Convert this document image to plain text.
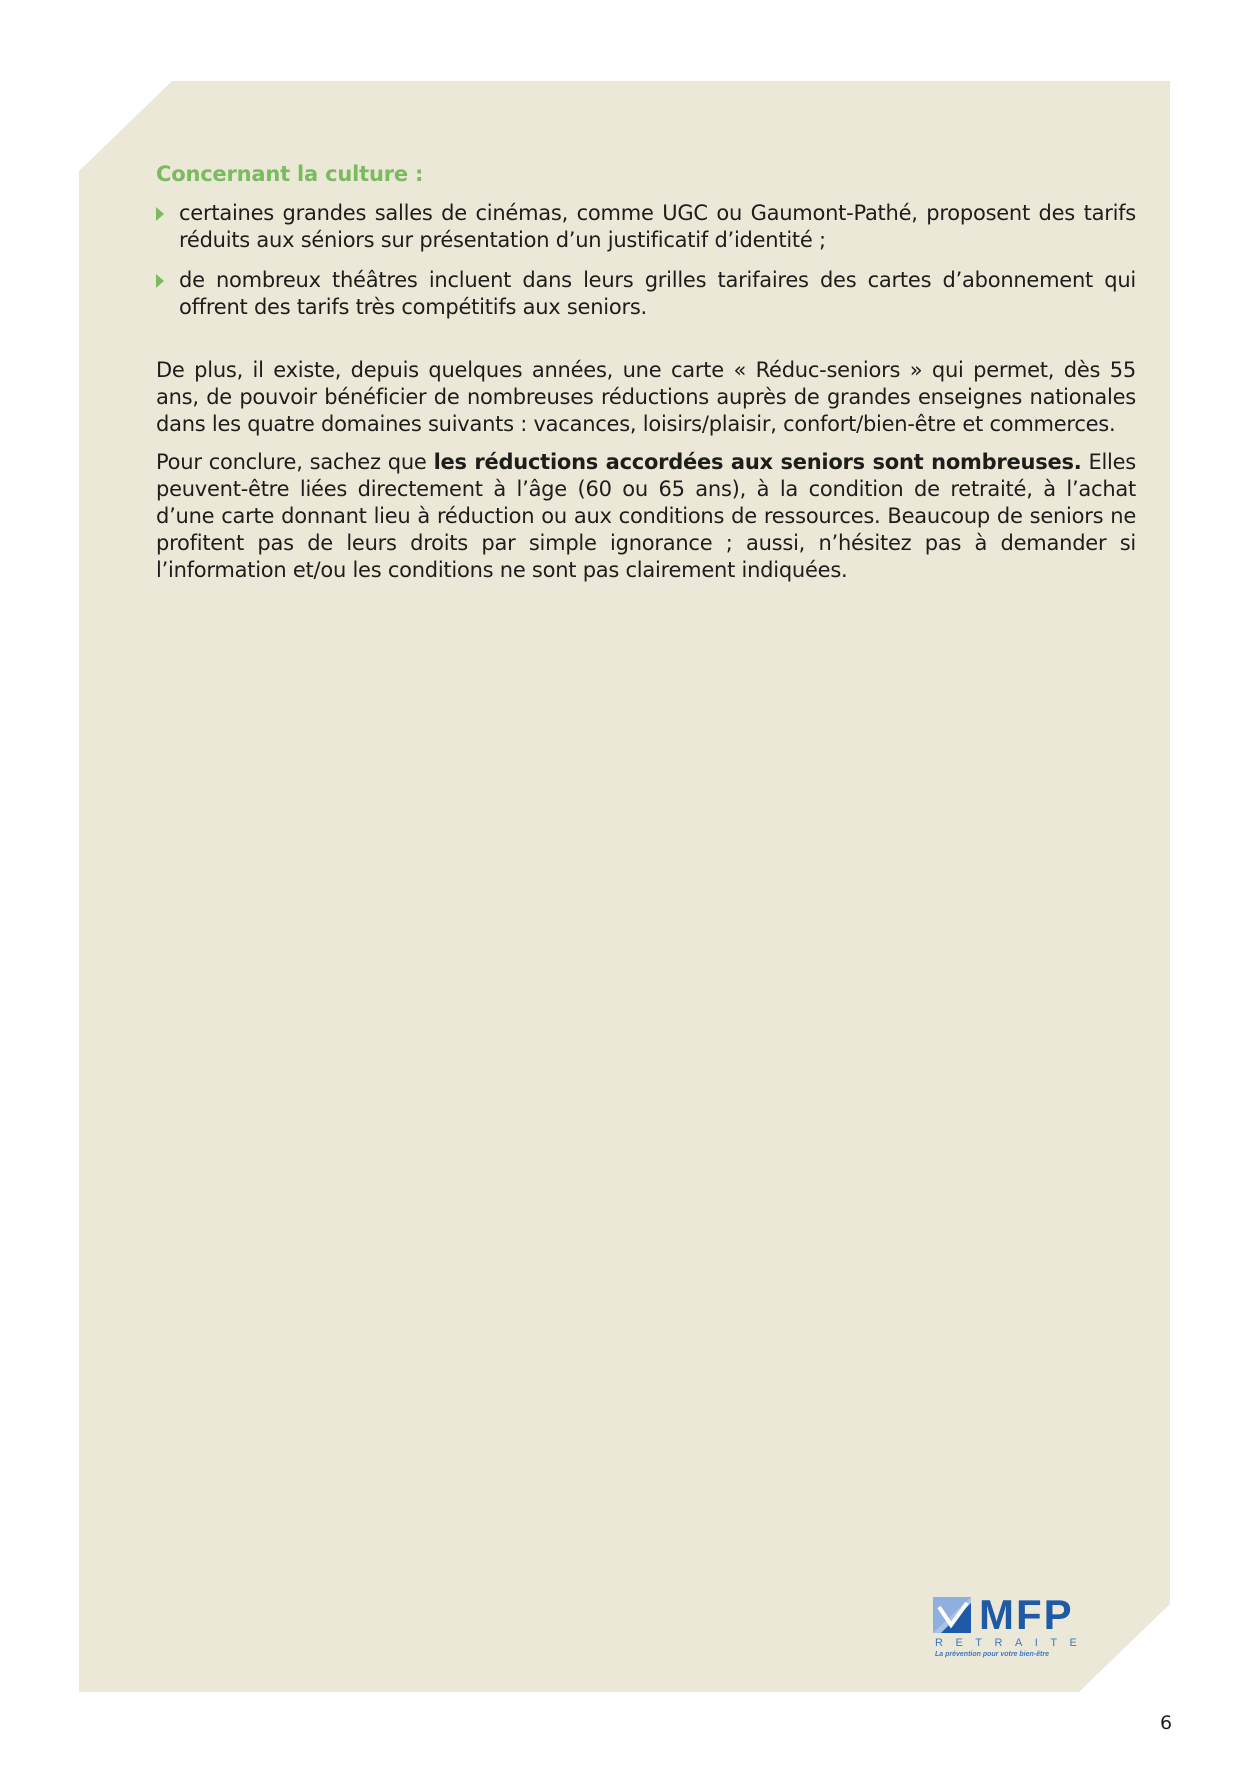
Concernant la culture :
certaines grandes salles de cinémas, comme UGC ou Gaumont-Pathé, proposent des tarifs réduits aux séniors sur présentation d’un justificatif d’identité ;
de nombreux théâtres incluent dans leurs grilles tarifaires des cartes d’abonnement qui offrent des tarifs très compétitifs aux seniors.

De plus, il existe, depuis quelques années, une carte « Réduc-seniors » qui permet, dès 55 ans, de pouvoir bénéficier de nombreuses réductions auprès de grandes enseignes nationales dans les quatre domaines suivants : vacances, loisirs/plaisir, confort/bien-être et commerces.

Pour conclure, sachez que les réductions accordées aux seniors sont nombreuses. Elles peuvent-être liées directement à l’âge (60 ou 65 ans), à la condition de retraité, à l’achat d’une carte donnant lieu à réduction ou aux conditions de ressources. Beaucoup de seniors ne profitent pas de leurs droits par simple ignorance ; aussi, n’hésitez pas à demander si l’information et/ou les conditions ne sont pas clairement indiquées.

MFP
RETRAITE
La prévention pour votre bien-être
6
